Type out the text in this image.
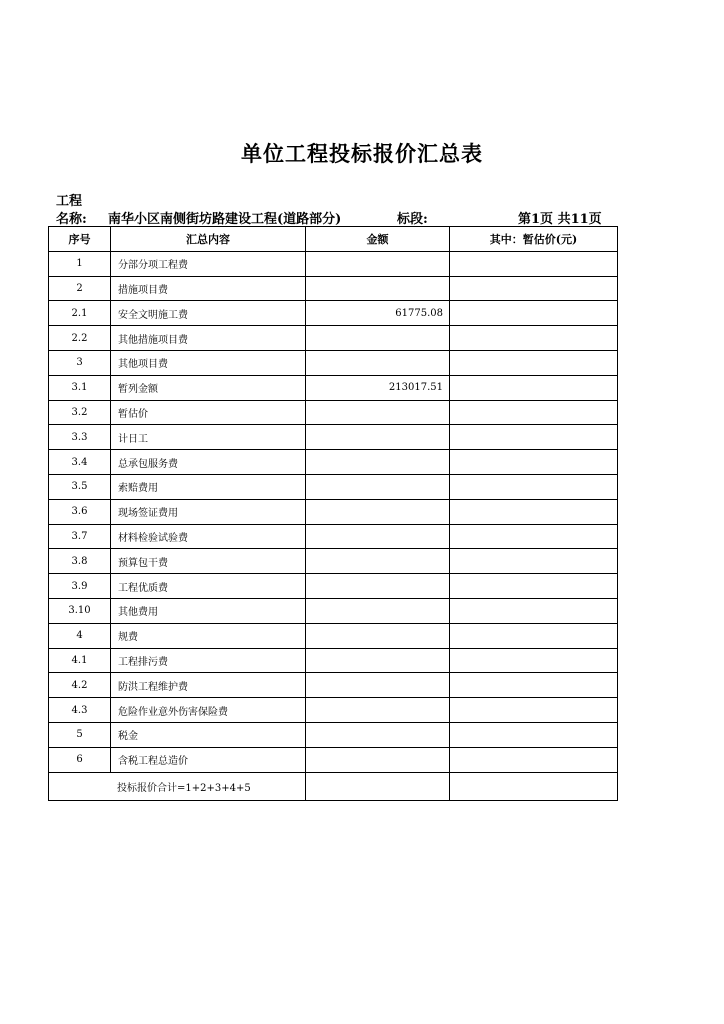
单位工程投标报价汇总表
工程
名称: 南华小区南侧街坊路建设工程(道路部分)	标段:	第1页 共11页
序号	汇总内容	金额	其中：暂估价(元)
1	分部分项工程费		
2	措施项目费		
2.1	安全文明施工费	61775.08	
2.2	其他措施项目费		
3	其他项目费		
3.1	暂列金额	213017.51	
3.2	暂估价		
3.3	计日工		
3.4	总承包服务费		
3.5	索赔费用		
3.6	现场签证费用		
3.7	材料检验试验费		
3.8	预算包干费		
3.9	工程优质费		
3.10	其他费用		
4	规费		
4.1	工程排污费		
4.2	防洪工程维护费		
4.3	危险作业意外伤害保险费		
5	税金		
6	含税工程总造价		
投标报价合计=1+2+3+4+5			
